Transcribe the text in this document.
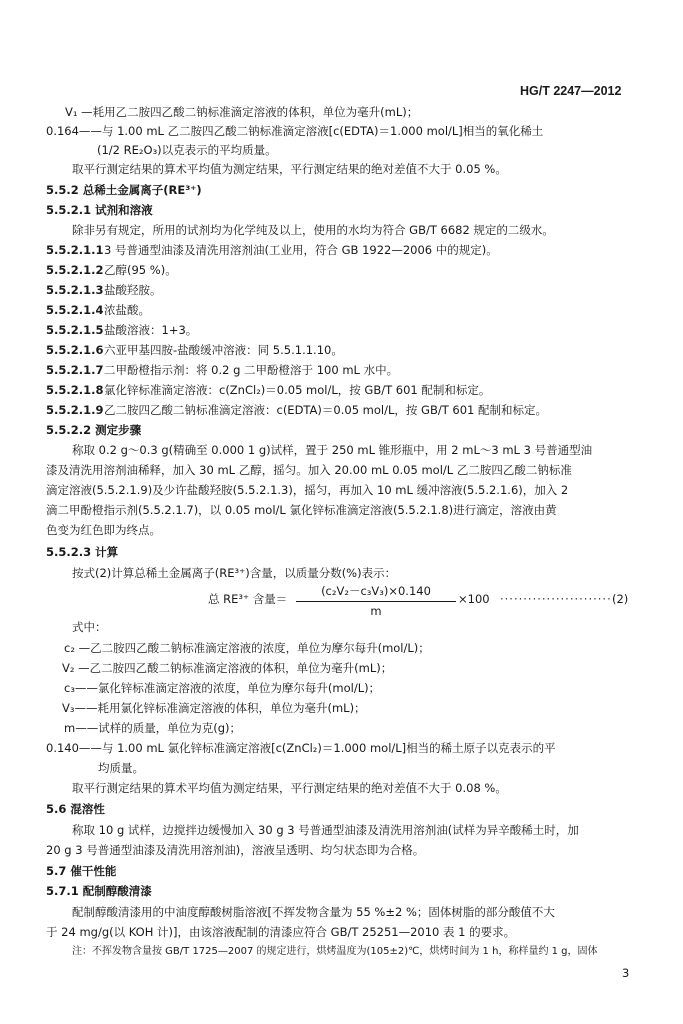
HG/T 2247—2012
V₁ —耗用乙二胺四乙酸二钠标准滴定溶液的体积，单位为毫升(mL)；
0.164——与 1.00 mL 乙二胺四乙酸二钠标准滴定溶液[c(EDTA)＝1.000 mol/L]相当的氧化稀土
(1/2 RE₂O₃)以克表示的平均质量。
取平行测定结果的算术平均值为测定结果，平行测定结果的绝对差值不大于 0.05 %。
5.5.2 总稀土金属离子(RE³⁺)
5.5.2.1 试剂和溶液
除非另有规定，所用的试剂均为化学纯及以上，使用的水均为符合 GB/T 6682 规定的二级水。
5.5.2.1.13 号普通型油漆及清洗用溶剂油(工业用，符合 GB 1922—2006 中的规定)。
5.5.2.1.2乙醇(95 %)。
5.5.2.1.3盐酸羟胺。
5.5.2.1.4浓盐酸。
5.5.2.1.5盐酸溶液：1+3。
5.5.2.1.6六亚甲基四胺-盐酸缓冲溶液：同 5.5.1.1.10。
5.5.2.1.7二甲酚橙指示剂：将 0.2 g 二甲酚橙溶于 100 mL 水中。
5.5.2.1.8氯化锌标准滴定溶液：c(ZnCl₂)＝0.05 mol/L，按 GB/T 601 配制和标定。
5.5.2.1.9乙二胺四乙酸二钠标准滴定溶液：c(EDTA)＝0.05 mol/L，按 GB/T 601 配制和标定。
5.5.2.2 测定步骤
称取 0.2 g～0.3 g(精确至 0.000 1 g)试样，置于 250 mL 锥形瓶中，用 2 mL～3 mL 3 号普通型油
漆及清洗用溶剂油稀释，加入 30 mL 乙醇，摇匀。加入 20.00 mL 0.05 mol/L 乙二胺四乙酸二钠标准
滴定溶液(5.5.2.1.9)及少许盐酸羟胺(5.5.2.1.3)，摇匀，再加入 10 mL 缓冲溶液(5.5.2.1.6)，加入 2
滴二甲酚橙指示剂(5.5.2.1.7)，以 0.05 mol/L 氯化锌标准滴定溶液(5.5.2.1.8)进行滴定，溶液由黄
色变为红色即为终点。
5.5.2.3 计算
按式(2)计算总稀土金属离子(RE³⁺)含量，以质量分数(%)表示：
总 RE³⁺ 含量＝
(c₂V₂－c₃V₃)×0.140
m
×100 ·························
(2)
式中：
c₂ —乙二胺四乙酸二钠标准滴定溶液的浓度，单位为摩尔每升(mol/L)；
V₂ —乙二胺四乙酸二钠标准滴定溶液的体积，单位为毫升(mL)；
c₃——氯化锌标准滴定溶液的浓度，单位为摩尔每升(mol/L)；
V₃——耗用氯化锌标准滴定溶液的体积，单位为毫升(mL)；
m——试样的质量，单位为克(g)；
0.140——与 1.00 mL 氯化锌标准滴定溶液[c(ZnCl₂)＝1.000 mol/L]相当的稀土原子以克表示的平
均质量。
取平行测定结果的算术平均值为测定结果，平行测定结果的绝对差值不大于 0.08 %。
5.6 混溶性
称取 10 g 试样，边搅拌边缓慢加入 30 g 3 号普通型油漆及清洗用溶剂油(试样为异辛酸稀土时，加
20 g 3 号普通型油漆及清洗用溶剂油)，溶液呈透明、均匀状态即为合格。
5.7 催干性能
5.7.1 配制醇酸清漆
配制醇酸清漆用的中油度醇酸树脂溶液[不挥发物含量为 55 %±2 %；固体树脂的部分酸值不大
于 24 mg/g(以 KOH 计)]，由该溶液配制的清漆应符合 GB/T 25251—2010 表 1 的要求。
注：不挥发物含量按 GB/T 1725—2007 的规定进行，烘烤温度为(105±2)℃，烘烤时间为 1 h，称样量约 1 g，固体
3
